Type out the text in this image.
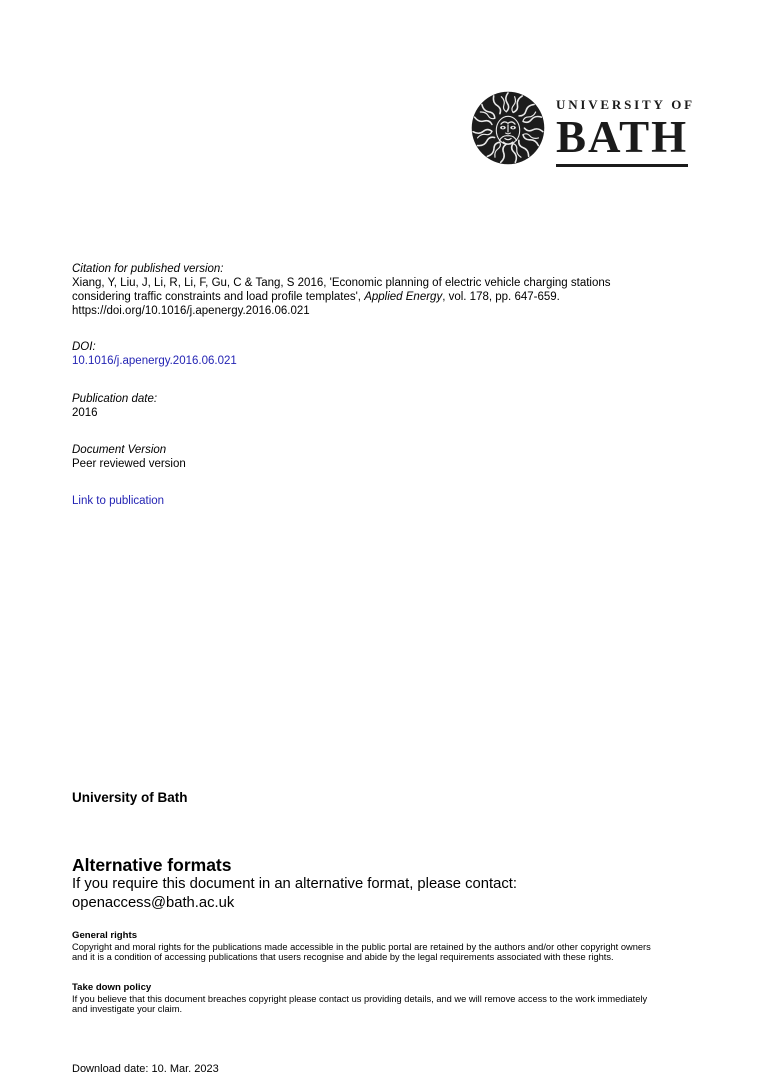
UNIVERSITY OF
BATH
Citation for published version:
Xiang, Y, Liu, J, Li, R, Li, F, Gu, C & Tang, S 2016, 'Economic planning of electric vehicle charging stations
considering traffic constraints and load profile templates', Applied Energy, vol. 178, pp. 647-659.
https://doi.org/10.1016/j.apenergy.2016.06.021
DOI:
10.1016/j.apenergy.2016.06.021
Publication date:
2016
Document Version
Peer reviewed version
Link to publication
University of Bath
Alternative formats
If you require this document in an alternative format, please contact:
openaccess@bath.ac.uk
General rights
Copyright and moral rights for the publications made accessible in the public portal are retained by the authors and/or other copyright owners
and it is a condition of accessing publications that users recognise and abide by the legal requirements associated with these rights.
Take down policy
If you believe that this document breaches copyright please contact us providing details, and we will remove access to the work immediately
and investigate your claim.
Download date: 10. Mar. 2023
